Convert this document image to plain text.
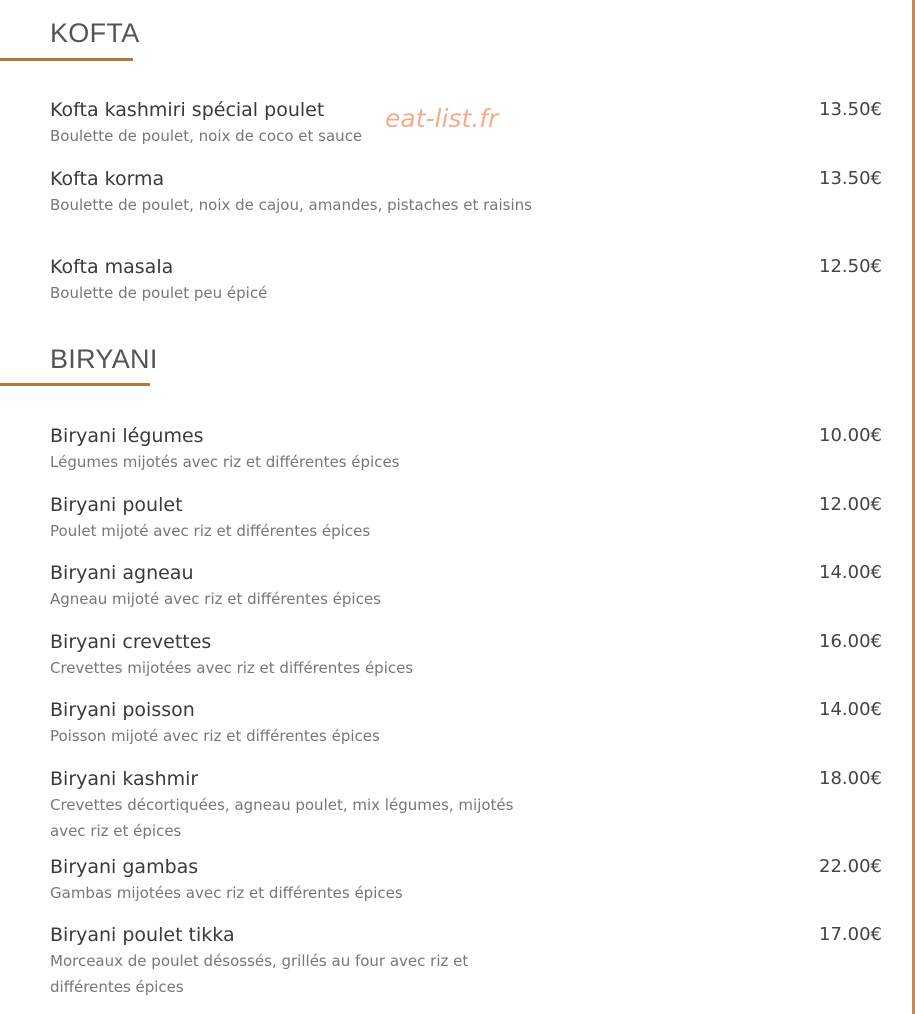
KOFTA
Kofta kashmiri spécial poulet
Boulette de poulet, noix de coco et sauce
13.50€
Kofta korma
Boulette de poulet, noix de cajou, amandes, pistaches et raisins
13.50€
Kofta masala
Boulette de poulet peu épicé
12.50€
BIRYANI
Biryani légumes
Légumes mijotés avec riz et différentes épices
10.00€
Biryani poulet
Poulet mijoté avec riz et différentes épices
12.00€
Biryani agneau
Agneau mijoté avec riz et différentes épices
14.00€
Biryani crevettes
Crevettes mijotées avec riz et différentes épices
16.00€
Biryani poisson
Poisson mijoté avec riz et différentes épices
14.00€
Biryani kashmir
Crevettes décortiquées, agneau poulet, mix légumes, mijotés avec riz et épices
18.00€
Biryani gambas
Gambas mijotées avec riz et différentes épices
22.00€
Biryani poulet tikka
Morceaux de poulet désossés, grillés au four avec riz et différentes épices
17.00€
eat-list.fr
